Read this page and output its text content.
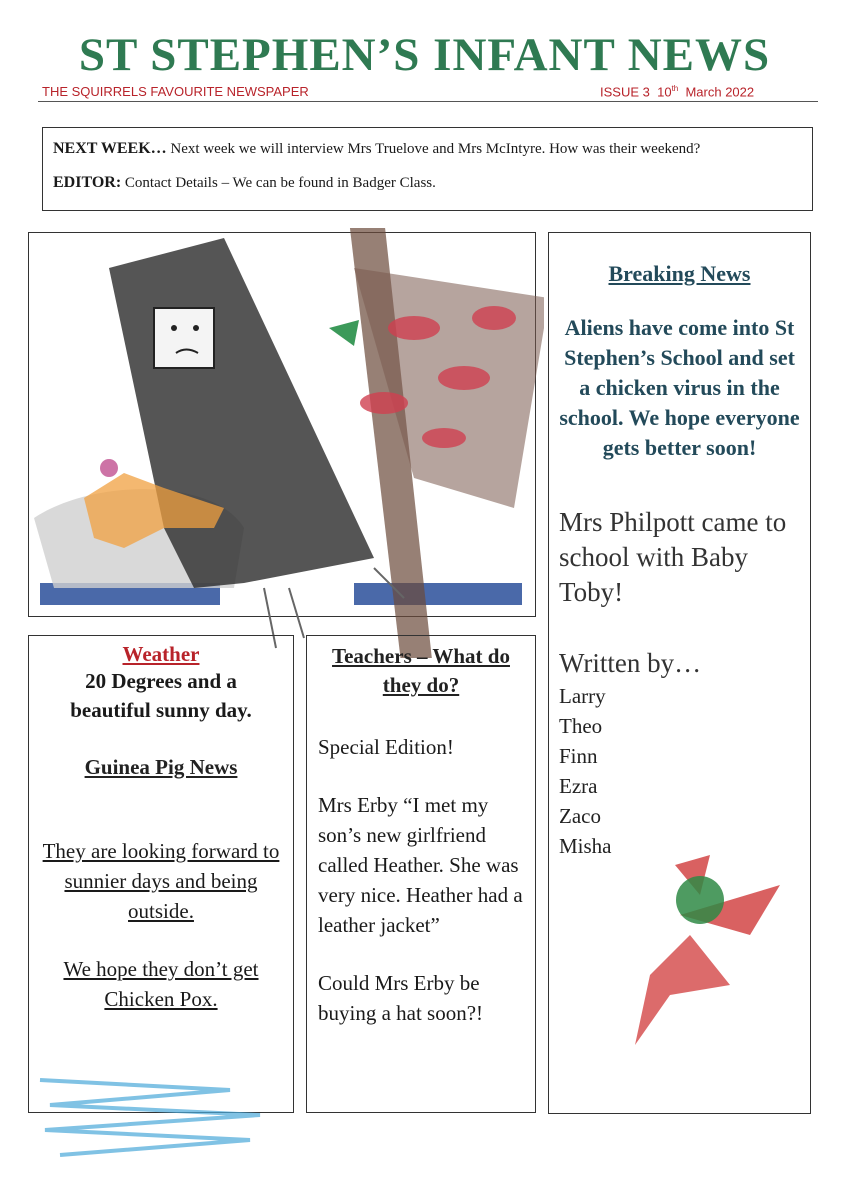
ST STEPHEN’S INFANT NEWS
THE SQUIRRELS FAVOURITE NEWSPAPER	ISSUE 3 10th March 2022

NEXT WEEK… Next week we will interview Mrs Truelove and Mrs McIntyre. How was their weekend?

EDITOR: Contact Details – We can be found in Badger Class.

Breaking News
Aliens have come into St Stephen’s School and set a chicken virus in the school. We hope everyone gets better soon!
Mrs Philpott came to school with Baby Toby!
Written by…
Larry
Theo
Finn
Ezra
Zaco
Misha
Weather
20 Degrees and a beautiful sunny day.
Guinea Pig News
They are looking forward to sunnier days and being outside.
We hope they don’t get Chicken Pox.
Teachers – What do they do?
Special Edition!
Mrs Erby “I met my son’s new girlfriend called Heather. She was very nice. Heather had a leather jacket”
Could Mrs Erby be buying a hat soon?!
